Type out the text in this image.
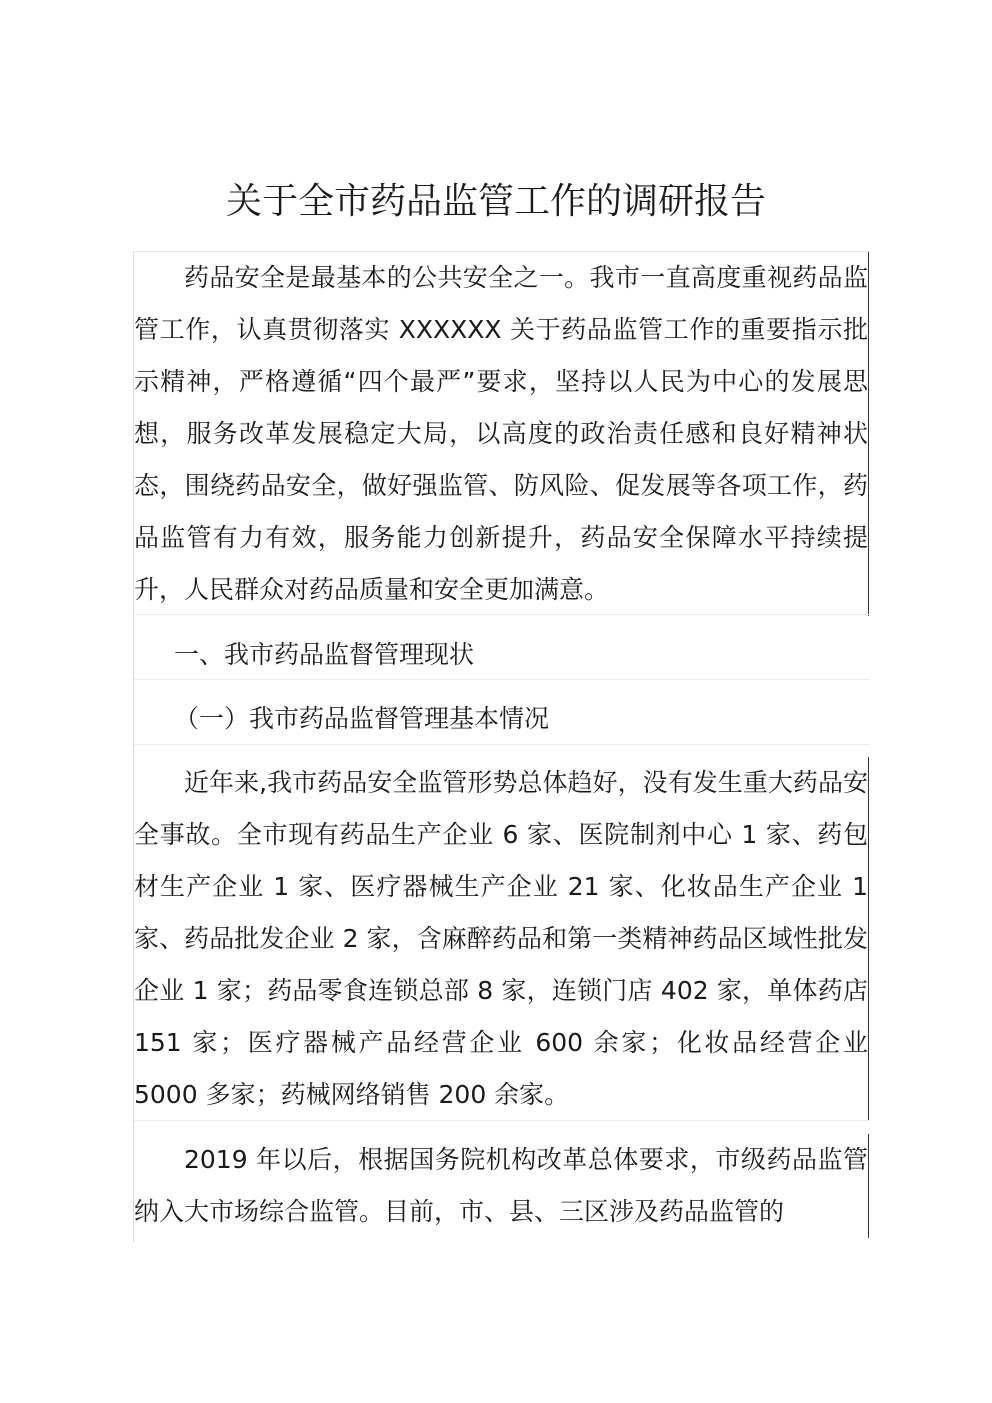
关于全市药品监管工作的调研报告

药品安全是最基本的公共安全之一。我市一直高度重视药品监管工作，认真贯彻落实 XXXXXX 关于药品监管工作的重要指示批示精神，严格遵循“四个最严”要求，坚持以人民为中心的发展思想，服务改革发展稳定大局，以高度的政治责任感和良好精神状态，围绕药品安全，做好强监管、防风险、促发展等各项工作，药品监管有力有效，服务能力创新提升，药品安全保障水平持续提升，人民群众对药品质量和安全更加满意。

一、我市药品监督管理现状

（一）我市药品监督管理基本情况

近年来,我市药品安全监管形势总体趋好，没有发生重大药品安全事故。全市现有药品生产企业 6 家、医院制剂中心 1 家、药包材生产企业 1 家、医疗器械生产企业 21 家、化妆品生产企业 1 家、药品批发企业 2 家，含麻醉药品和第一类精神药品区域性批发企业 1 家；药品零食连锁总部 8 家，连锁门店 402 家，单体药店 151 家；医疗器械产品经营企业 600 余家；化妆品经营企业 5000 多家；药械网络销售 200 余家。

2019 年以后，根据国务院机构改革总体要求，市级药品监管纳入大市场综合监管。目前，市、县、三区涉及药品监管的
